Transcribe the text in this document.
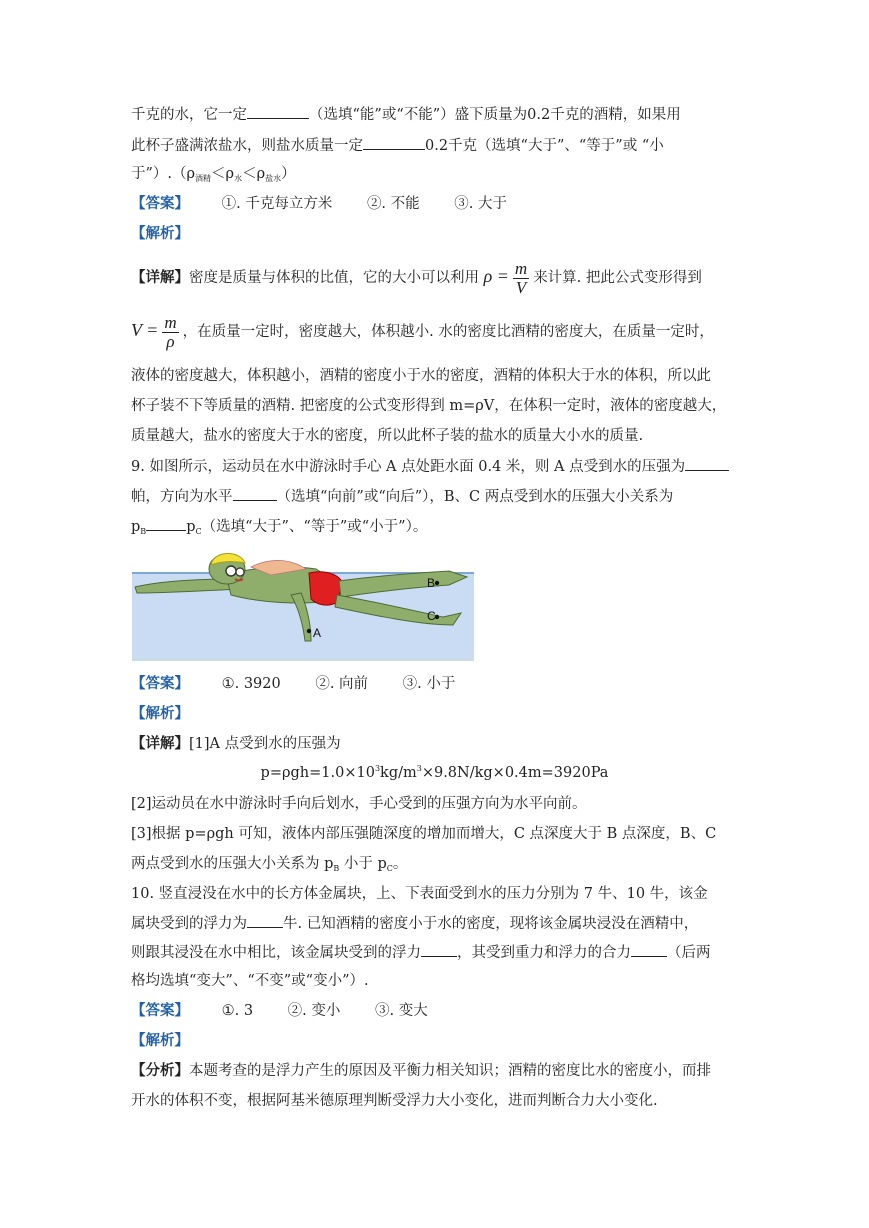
千克的水，它一定	（选填“能”或“不能”）盛下质量为0.2千克的酒精，如果用
此杯子盛满浓盐水，则盐水质量一定	0.2千克（选填“大于”、“等于”或 “小
于$”).(\rho_{酒精}<\rho_水<\rho_{盐水})$
【答案】 ①. 千克每立方米 ②. 不能 ③. 大于
【解析】
【详解】密度是质量与体积的比值，它的大小可以利用 $\rho = \frac{m}{V}$ 来计算. 把此公式变形得到
$V = \frac{m}{\rho}$ ，在质量一定时，密度越大，体积越小. 水的密度比酒精的密度大，在质量一定时，
液体的密度越大，体积越小，酒精的密度小于水的密度，酒精的体积大于水的体积，所以此
杯子装不下等质量的酒精. 把密度的公式变形得到 m=ρV，在体积一定时，液体的密度越大，
质量越大，盐水的密度大于水的密度，所以此杯子装的盐水的质量大小水的质量.
9. 如图所示，运动员在水中游泳时手心 A 点处距水面 0.4 米，则 A 点受到水的压强为
帕，方向为水平	（选填“向前”或“向后”），B、C 两点受到水的压强大小关系为
$p_B$	$p_C$（选填“大于”、“等于”或“小于”）。
A
B
C
【答案】 ①. 3920 ②. 向前 ③. 小于
【解析】
【详解】[1]A 点受到水的压强为
$p=\rho gh=1.0\times 10^3kg/m^3\times 9.8N/kg\times 0.4m=3920Pa$
[2]运动员在水中游泳时手向后划水，手心受到的压强方向为水平向前。
[3]根据 p=ρgh 可知，液体内部压强随深度的增加而增大，C 点深度大于 B 点深度，B、C
两点受到水的压强大小关系为 $p_B$ 小于 $p_C$。
10. 竖直浸没在水中的长方体金属块，上、下表面受到水的压力分别为 7 牛、10 牛，该金
属块受到的浮力为 牛. 已知酒精的密度小于水的密度，现将该金属块浸没在酒精中，
则跟其浸没在水中相比，该金属块受到的浮力 ，其受到重力和浮力的合力 （后两
格均选填“变大”、“不变”或“变小”）.
【答案】 ①. 3 ②. 变小 ③. 变大
【解析】
【分析】本题考查的是浮力产生的原因及平衡力相关知识；酒精的密度比水的密度小，而排
开水的体积不变，根据阿基米德原理判断受浮力大小变化，进而判断合力大小变化.
